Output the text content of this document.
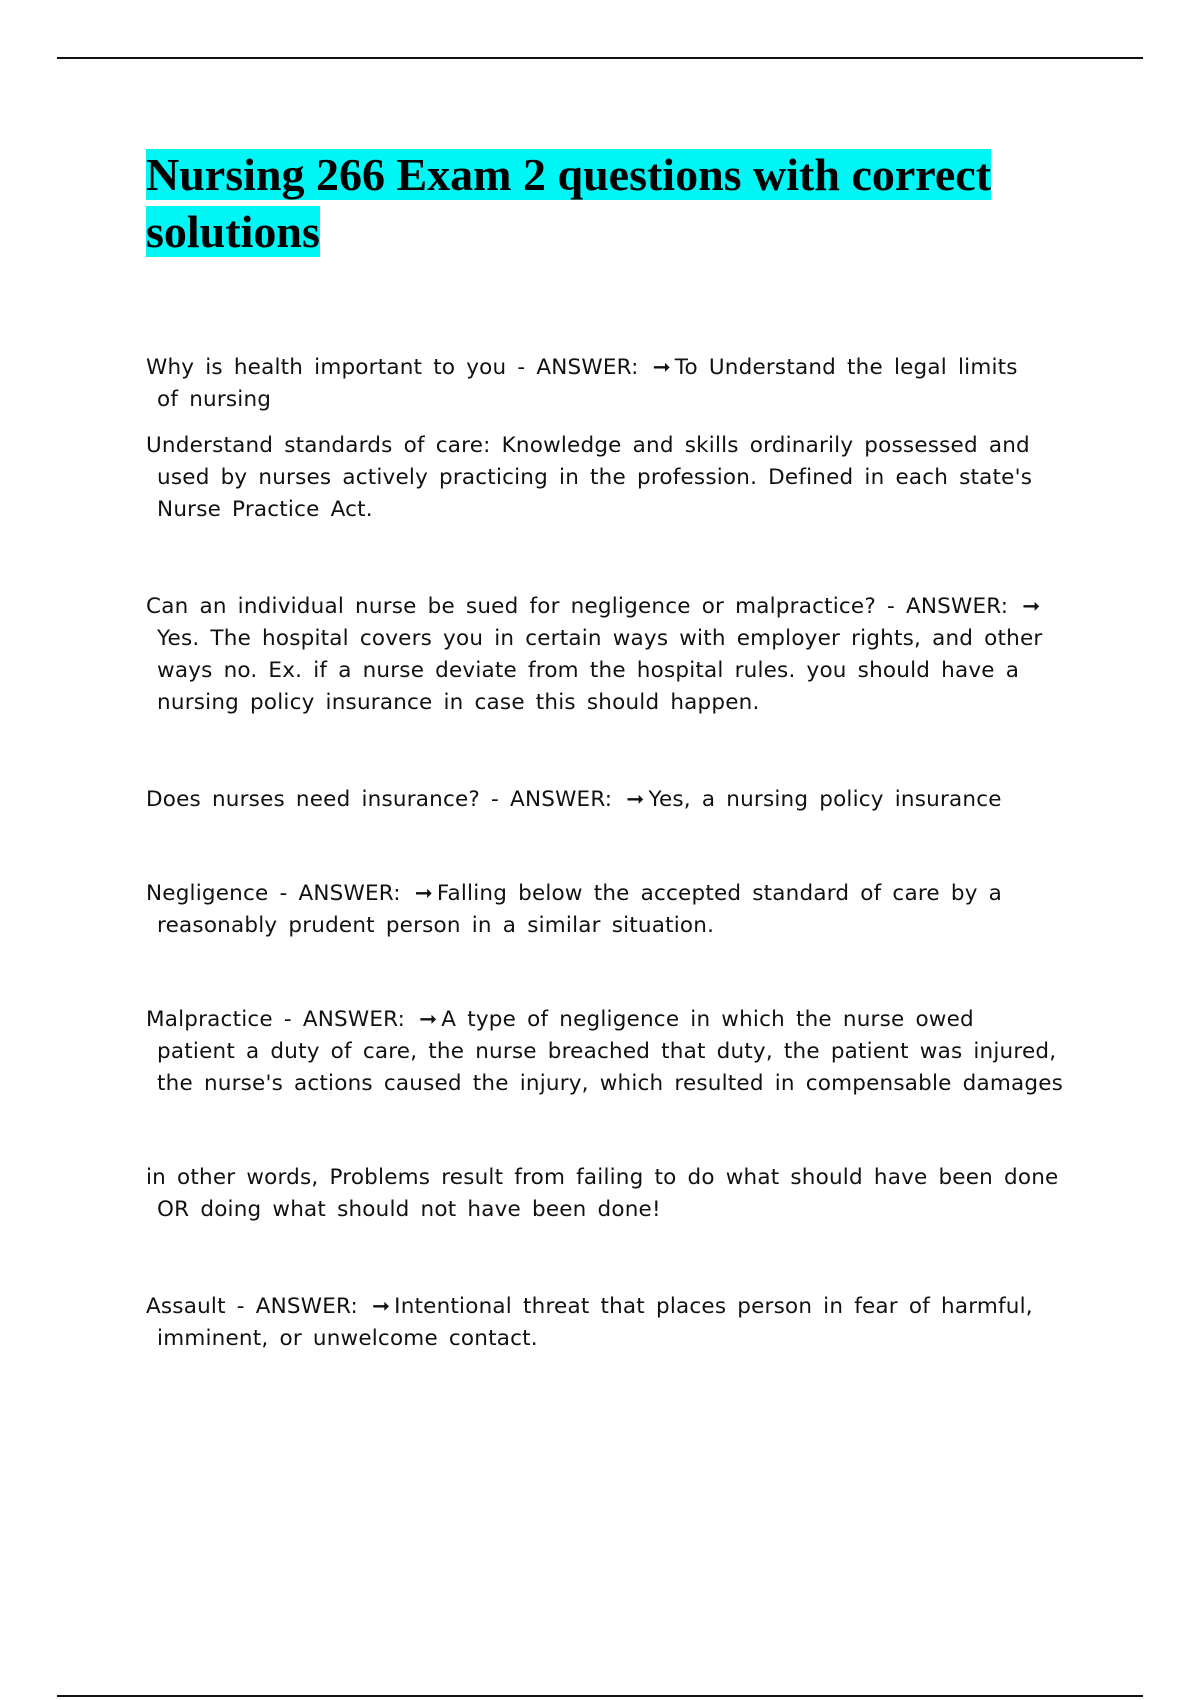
Nursing 266 Exam 2 questions with correct solutions
Why is health important to you - ANSWER: ➞ To Understand the legal limits
of nursing
Understand standards of care: Knowledge and skills ordinarily possessed and
used by nurses actively practicing in the profession. Defined in each state's
Nurse Practice Act.
Can an individual nurse be sued for negligence or malpractice? - ANSWER: ➞
Yes. The hospital covers you in certain ways with employer rights, and other
ways no. Ex. if a nurse deviate from the hospital rules. you should have a
nursing policy insurance in case this should happen.
Does nurses need insurance? - ANSWER: ➞ Yes, a nursing policy insurance
Negligence - ANSWER: ➞ Falling below the accepted standard of care by a
reasonably prudent person in a similar situation.
Malpractice - ANSWER: ➞ A type of negligence in which the nurse owed
patient a duty of care, the nurse breached that duty, the patient was injured,
the nurse's actions caused the injury, which resulted in compensable damages
in other words, Problems result from failing to do what should have been done
OR doing what should not have been done!
Assault - ANSWER: ➞ Intentional threat that places person in fear of harmful,
imminent, or unwelcome contact.
